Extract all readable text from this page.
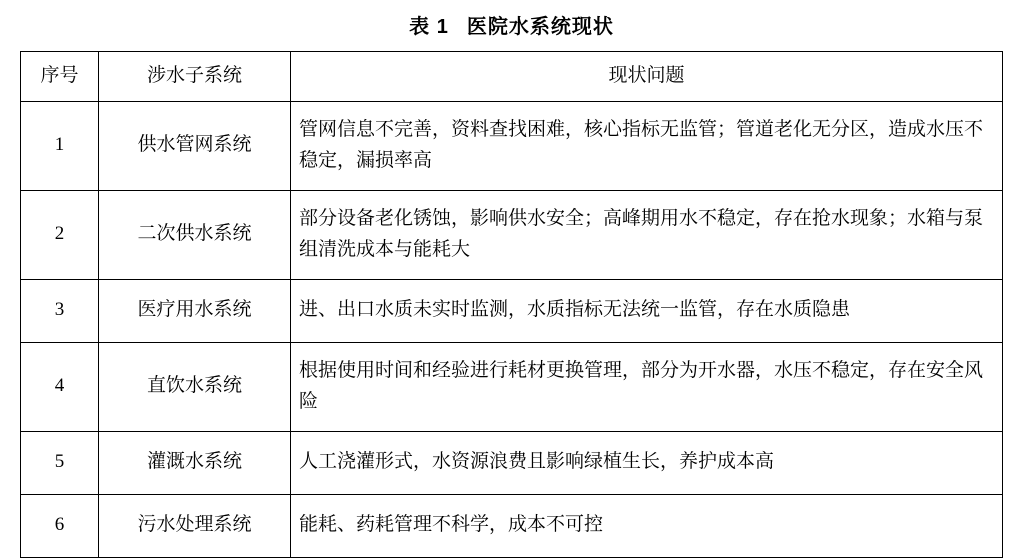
表 1 医院水系统现状
序号	涉水子系统	现状问题
1	供水管网系统	管网信息不完善，资料查找困难，核心指标无监管；管道老化无分区，造成水压不稳定，漏损率高
2	二次供水系统	部分设备老化锈蚀，影响供水安全；高峰期用水不稳定，存在抢水现象；水箱与泵组清洗成本与能耗大
3	医疗用水系统	进、出口水质未实时监测，水质指标无法统一监管，存在水质隐患
4	直饮水系统	根据使用时间和经验进行耗材更换管理，部分为开水器，水压不稳定，存在安全风险
5	灌溉水系统	人工浇灌形式，水资源浪费且影响绿植生长，养护成本高
6	污水处理系统	能耗、药耗管理不科学，成本不可控
